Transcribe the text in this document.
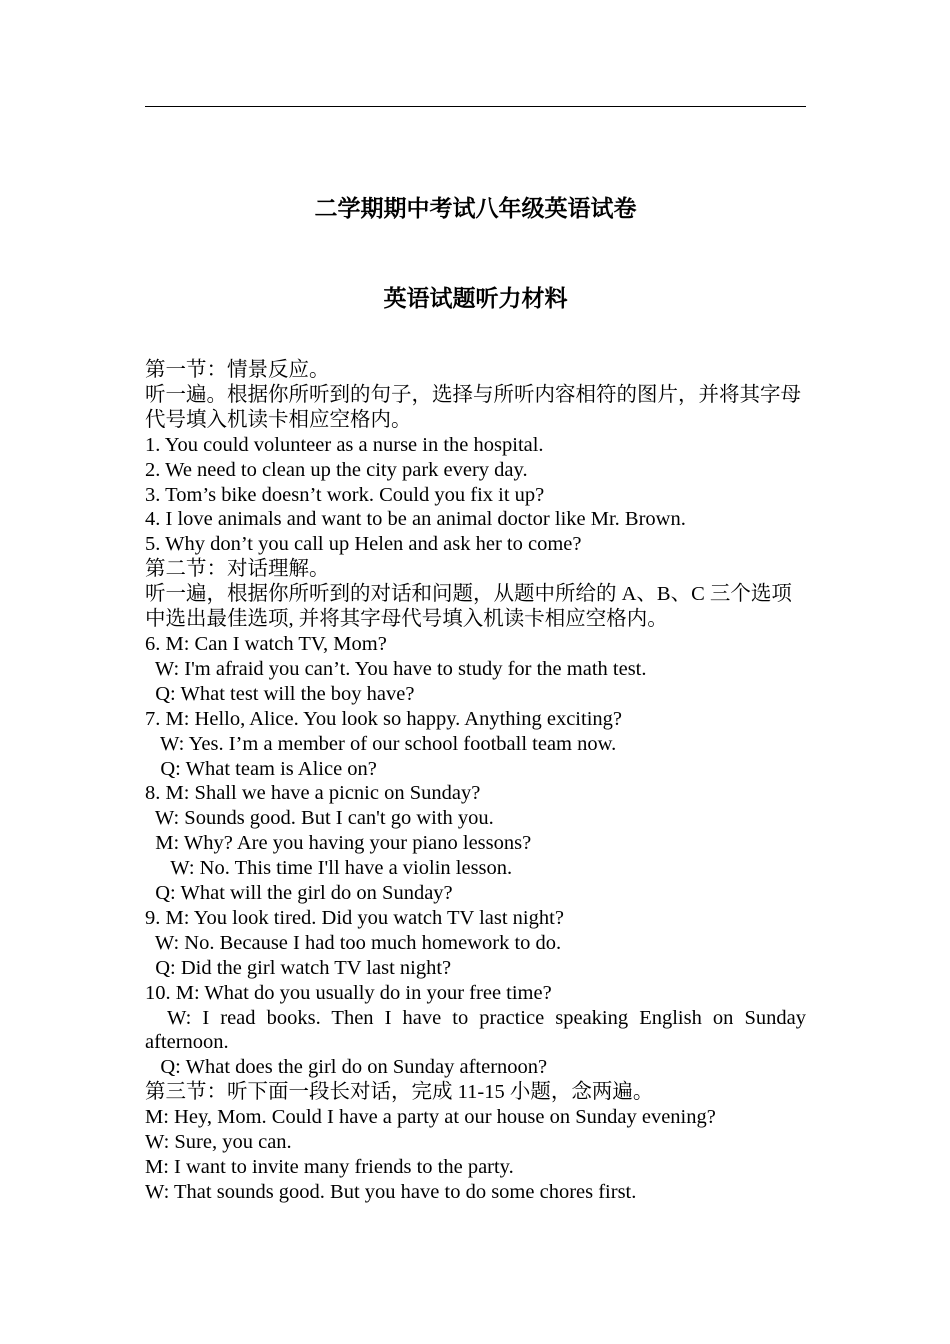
二学期期中考试八年级英语试卷
英语试题听力材料
第一节：情景反应。
听一遍。根据你所听到的句子，选择与所听内容相符的图片，并将其字母代号填入机读卡相应空格内。
1. You could volunteer as a nurse in the hospital.
2. We need to clean up the city park every day.
3. Tom’s bike doesn’t work. Could you fix it up?
4. I love animals and want to be an animal doctor like Mr. Brown.
5. Why don’t you call up Helen and ask her to come?
第二节：对话理解。
听一遍，根据你所听到的对话和问题，从题中所给的 A、B、C 三个选项中选出最佳选项, 并将其字母代号填入机读卡相应空格内。
6. M: Can I watch TV, Mom?
W: I'm afraid you can’t. You have to study for the math test.
Q: What test will the boy have?
7. M: Hello, Alice. You look so happy. Anything exciting?
W: Yes. I’m a member of our school football team now.
Q: What team is Alice on?
8. M: Shall we have a picnic on Sunday?
W: Sounds good. But I can't go with you.
M: Why? Are you having your piano lessons?
W: No. This time I'll have a violin lesson.
Q: What will the girl do on Sunday?
9. M: You look tired. Did you watch TV last night?
W: No. Because I had too much homework to do.
Q: Did the girl watch TV last night?
10. M: What do you usually do in your free time?
W: I read books. Then I have to practice speaking English on Sunday afternoon.
Q: What does the girl do on Sunday afternoon?
第三节：听下面一段长对话，完成 11-15 小题，念两遍。
M: Hey, Mom. Could I have a party at our house on Sunday evening?
W: Sure, you can.
M: I want to invite many friends to the party.
W: That sounds good. But you have to do some chores first.
